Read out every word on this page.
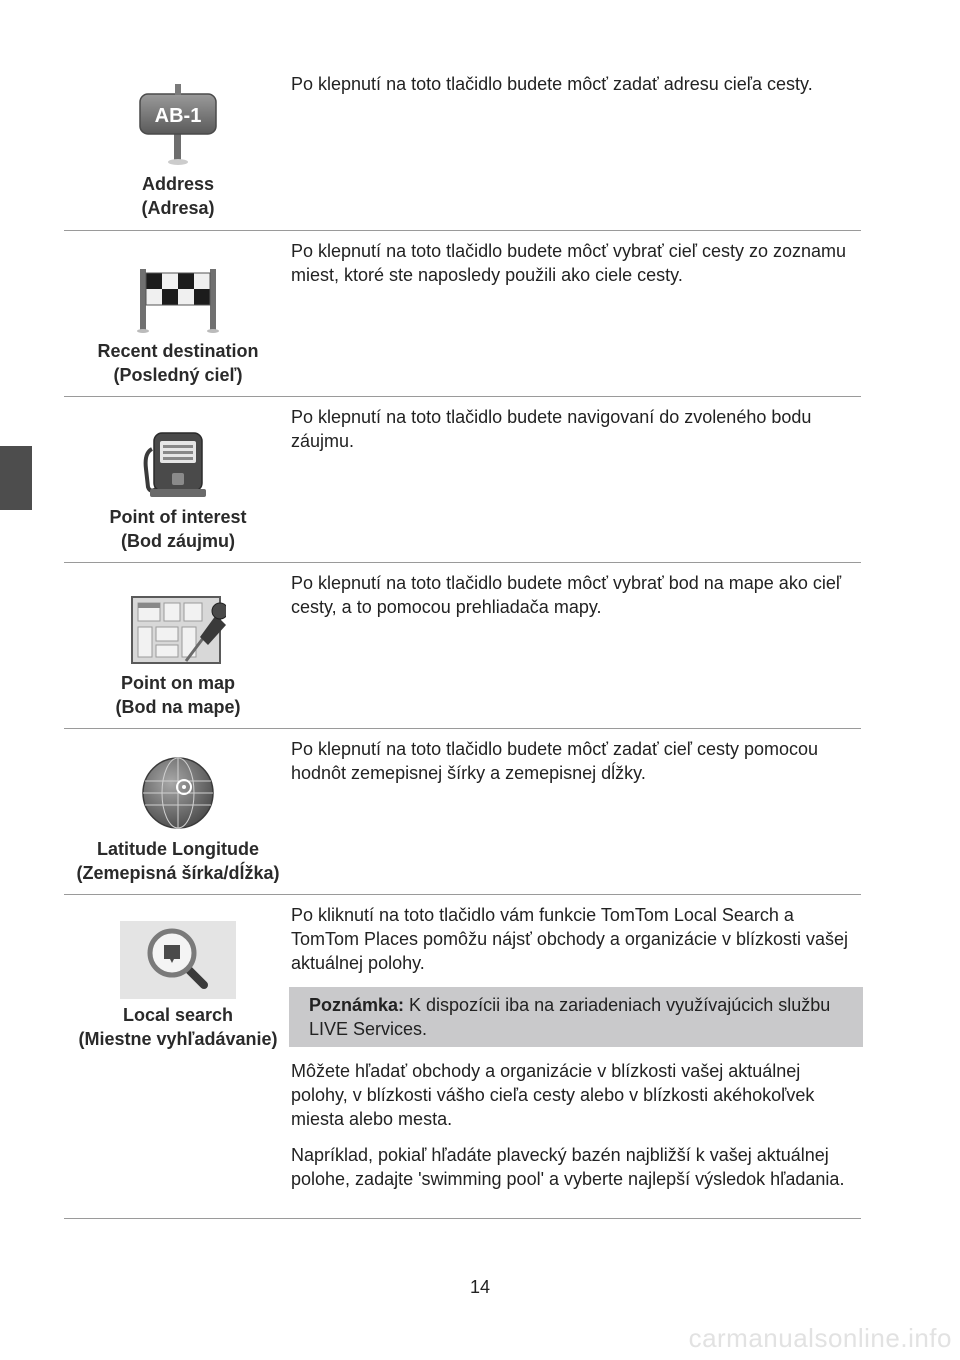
AB-1
Address
(Adresa)

Po klepnutí na toto tlačidlo budete môcť zadať adresu cieľa cesty.

Recent destination
(Posledný cieľ)

Po klepnutí na toto tlačidlo budete môcť vybrať cieľ cesty zo zoznamu miest, ktoré ste naposledy použili ako ciele cesty.

Point of interest
(Bod záujmu)

Po klepnutí na toto tlačidlo budete navigovaní do zvoleného bodu záujmu.

Point on map
(Bod na mape)

Po klepnutí na toto tlačidlo budete môcť vybrať bod na mape ako cieľ cesty, a to pomocou prehliadača mapy.

Latitude Longitude
(Zemepisná šírka/dĺžka)

Po klepnutí na toto tlačidlo budete môcť zadať cieľ cesty pomocou hodnôt zemepisnej šírky a zemepisnej dĺžky.

Local search
(Miestne vyhľadávanie)

Po kliknutí na toto tlačidlo vám funkcie TomTom Local Search a TomTom Places pomôžu nájsť obchody a organizácie v blízkosti vašej aktuálnej polohy.

Poznámka: K dispozícii iba na zariadeniach využívajúcich službu LIVE Services.

Môžete hľadať obchody a organizácie v blízkosti vašej aktuálnej polohy, v blízkosti vášho cieľa cesty alebo v blízkosti akéhokoľvek miesta alebo mesta.

Napríklad, pokiaľ hľadáte plavecký bazén najbližší k vašej aktuálnej polohe, zadajte 'swimming pool' a vyberte najlepší výsledok hľadania.

14
carmanualsonline.info
